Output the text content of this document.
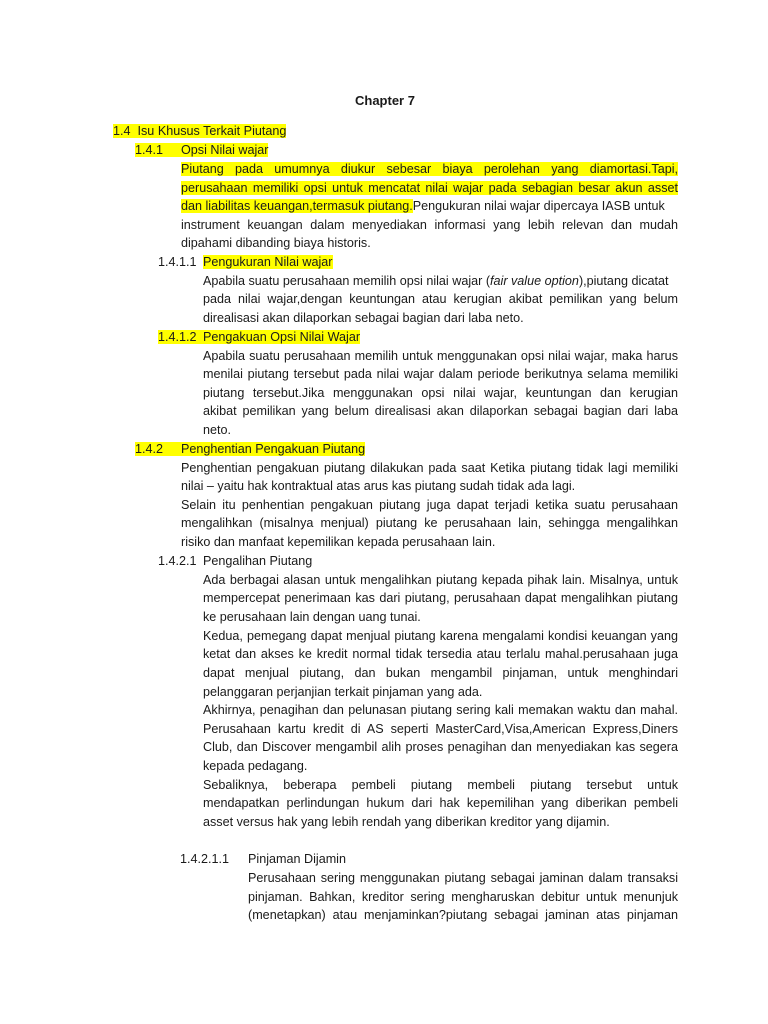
Chapter 7
1.4 Isu Khusus Terkait Piutang
1.4.1 Opsi Nilai wajar
Piutang pada umumnya diukur sebesar biaya perolehan yang diamortasi.Tapi,
perusahaan memiliki opsi untuk mencatat nilai wajar pada sebagian besar akun asset
dan liabilitas keuangan,termasuk piutang.Pengukuran nilai wajar dipercaya IASB untuk
instrument keuangan dalam menyediakan informasi yang lebih relevan dan mudah
dipahami dibanding biaya historis.
1.4.1.1 Pengukuran Nilai wajar
Apabila suatu perusahaan memilih opsi nilai wajar (fair value option),piutang dicatat
pada nilai wajar,dengan keuntungan atau kerugian akibat pemilikan yang belum
direalisasi akan dilaporkan sebagai bagian dari laba neto.
1.4.1.2 Pengakuan Opsi Nilai Wajar
Apabila suatu perusahaan memilih untuk menggunakan opsi nilai wajar, maka harus
menilai piutang tersebut pada nilai wajar dalam periode berikutnya selama memiliki
piutang tersebut.Jika menggunakan opsi nilai wajar, keuntungan dan kerugian
akibat pemilikan yang belum direalisasi akan dilaporkan sebagai bagian dari laba
neto.
1.4.2 Penghentian Pengakuan Piutang
Penghentian pengakuan piutang dilakukan pada saat Ketika piutang tidak lagi memiliki
nilai – yaitu hak kontraktual atas arus kas piutang sudah tidak ada lagi.
Selain itu penhentian pengakuan piutang juga dapat terjadi ketika suatu perusahaan
mengalihkan (misalnya menjual) piutang ke perusahaan lain, sehingga mengalihkan
risiko dan manfaat kepemilikan kepada perusahaan lain.
1.4.2.1 Pengalihan Piutang
Ada berbagai alasan untuk mengalihkan piutang kepada pihak lain. Misalnya, untuk
mempercepat penerimaan kas dari piutang, perusahaan dapat mengalihkan piutang
ke perusahaan lain dengan uang tunai.
Kedua, pemegang dapat menjual piutang karena mengalami kondisi keuangan yang
ketat dan akses ke kredit normal tidak tersedia atau terlalu mahal.perusahaan juga
dapat menjual piutang, dan bukan mengambil pinjaman, untuk menghindari
pelanggaran perjanjian terkait pinjaman yang ada.
Akhirnya, penagihan dan pelunasan piutang sering kali memakan waktu dan mahal.
Perusahaan kartu kredit di AS seperti MasterCard,Visa,American Express,Diners
Club, dan Discover mengambil alih proses penagihan dan menyediakan kas segera
kepada pedagang.
Sebaliknya, beberapa pembeli piutang membeli piutang tersebut untuk
mendapatkan perlindungan hukum dari hak kepemilihan yang diberikan pembeli
asset versus hak yang lebih rendah yang diberikan kreditor yang dijamin.
1.4.2.1.1 Pinjaman Dijamin
Perusahaan sering menggunakan piutang sebagai jaminan dalam transaksi
pinjaman. Bahkan, kreditor sering mengharuskan debitur untuk menunjuk
(menetapkan) atau menjaminkan?piutang sebagai jaminan atas pinjaman
